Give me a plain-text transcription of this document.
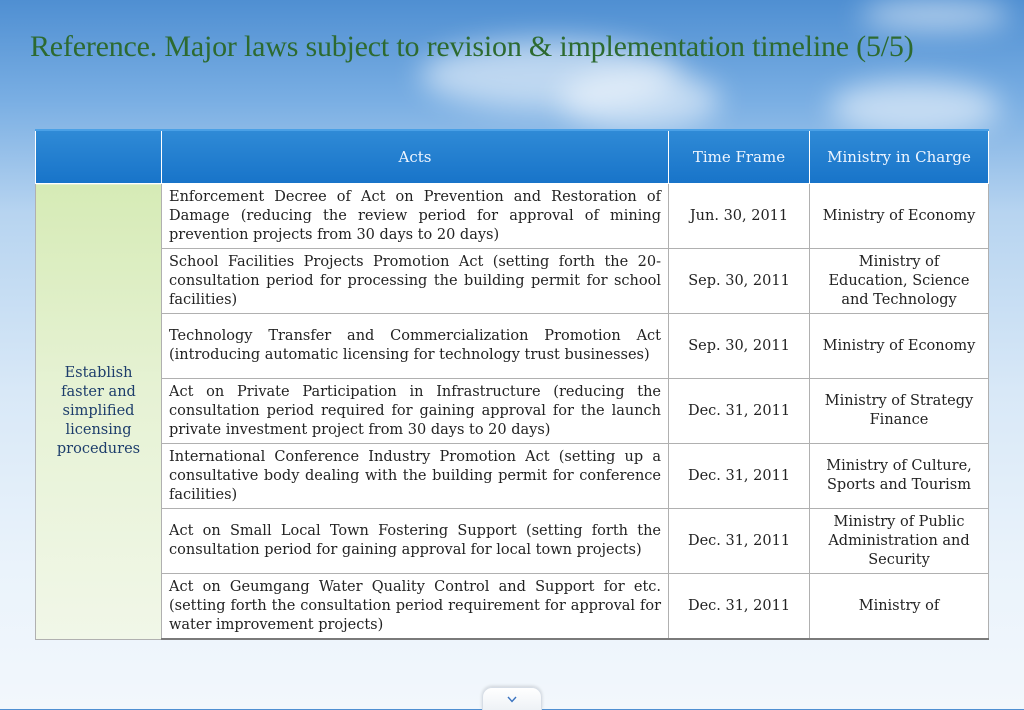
Reference. Major laws subject to revision & implementation timeline (5/5)
	Acts	Time Frame	Ministry in Charge
Establish faster and simplified licensing procedures	Enforcement Decree of Act on Prevention and Restoration of Damage (reducing the review period for approval of mining prevention projects from 30 days to 20 days)	Jun. 30, 2011	Ministry of Economy
	School Facilities Projects Promotion Act (setting forth the 20-consultation period for processing the building permit for school facilities)	Sep. 30, 2011	Ministry of Education, Science and Technology
	Technology Transfer and Commercialization Promotion Act (introducing automatic licensing for technology trust businesses)	Sep. 30, 2011	Ministry of Economy
	Act on Private Participation in Infrastructure (reducing the consultation period required for gaining approval for the launch private investment project from 30 days to 20 days)	Dec. 31, 2011	Ministry of Strategy Finance
	International Conference Industry Promotion Act (setting up a consultative body dealing with the building permit for conference facilities)	Dec. 31, 2011	Ministry of Culture, Sports and Tourism
	Act on Small Local Town Fostering Support (setting forth the consultation period for gaining approval for local town projects)	Dec. 31, 2011	Ministry of Public Administration and Security
	Act on Geumgang Water Quality Control and Support for etc. (setting forth the consultation period requirement for approval for water improvement projects)	Dec. 31, 2011	Ministry of
